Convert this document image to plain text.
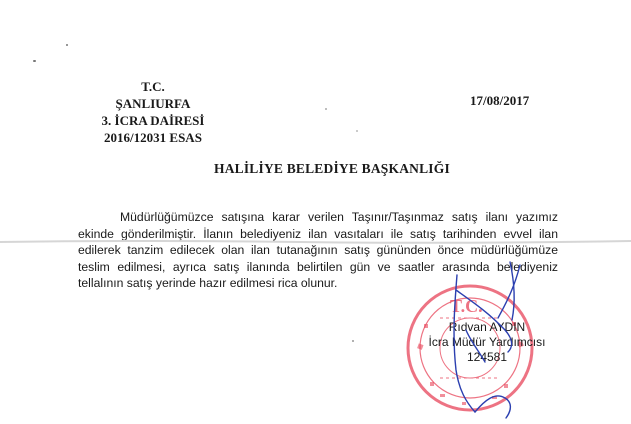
T.C.
ŞANLIURFA
3. İCRA DAİRESİ
2016/12031 ESAS
17/08/2017
HALİLİYE BELEDİYE BAŞKANLIĞI
Müdürlüğümüzce satışına karar verilen Taşınır/Taşınmaz satış ilanı yazımız ekinde gönderilmiştir. İlanın belediyeniz ilan vasıtaları ile satış tarihinden evvel ilan edilerek tanzim edilecek olan ilan tutanağının satış gününden önce müdürlüğümüze teslim edilmesi, ayrıca satış ilanında belirtilen gün ve saatler arasında belediyeniz tellalının satış yerinde hazır edilmesi rica olunur.
T.C.
Rıdvan AYDIN
İcra Müdür Yardımcısı
124581
